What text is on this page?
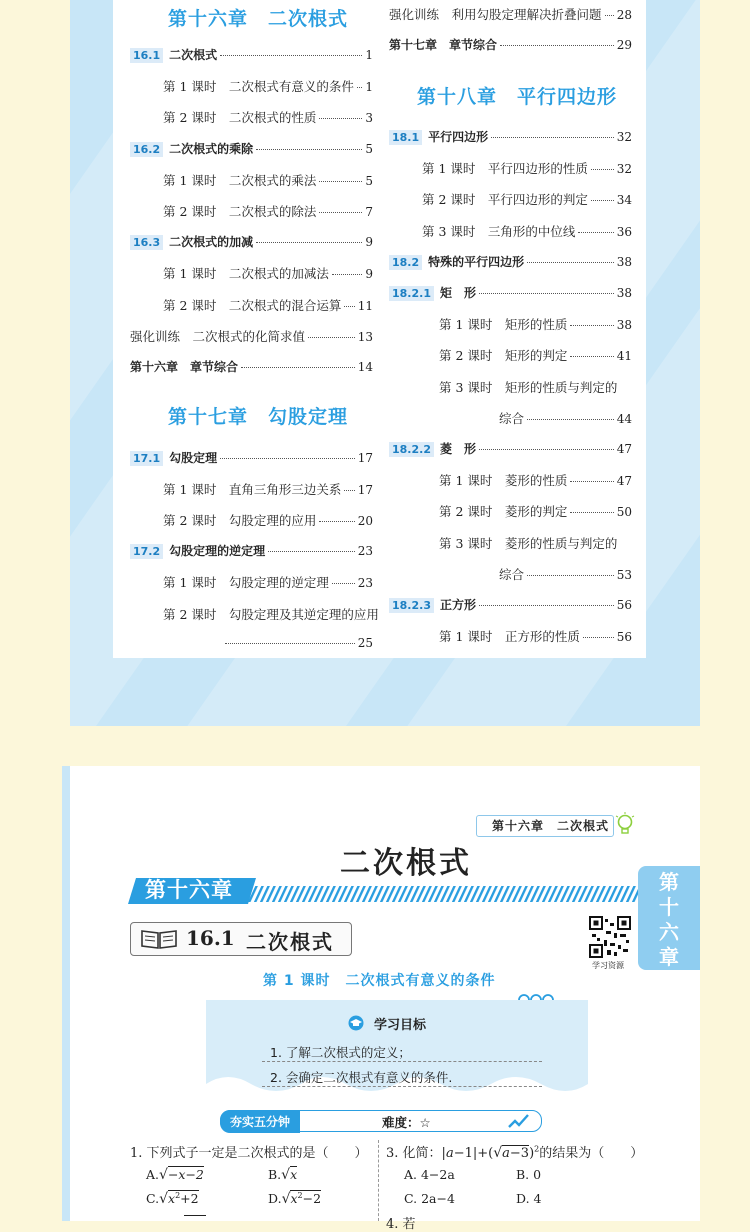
第十六章　二次根式
第十七章　勾股定理
第十八章　平行四边形
第十六章　二次根式
二次根式
第十六章	第
十
六
章
16.1 二次根式
学习资源
第 1 课时　二次根式有意义的条件
学习目标
1. 了解二次根式的定义；
2. 会确定二次根式有意义的条件.
夯实五分钟	难度：☆
1. 下列式子一定是二次根式的是（　　）
A.√−x−2	B.√x
$C.√x^2+2$	$D.√x^2-2$
3. 化简：$|a-1|+(√a-3)^2$的结果为（　　）
A. 4−2a	B. 0
C. 2a−4	D. 4
4. 若
16.1 二次根式	1
第 1 课时　二次根式有意义的条件 1
第 2 课时　二次根式的性质	3
16.2 二次根式的乘除	5
第 1 课时　二次根式的乘法	5
第 2 课时　二次根式的除法	7
16.3 二次根式的加减	9
第 1 课时　二次根式的加减法	9
第 2 课时　二次根式的混合运算 11
强化训练　二次根式的化简求值	13
第十六章　章节综合	14
17.1 勾股定理	17
第 1 课时　直角三角形三边关系 17
第 2 课时　勾股定理的应用	20
17.2 勾股定理的逆定理	23
第 1 课时　勾股定理的逆定理 23
第 2 课时　勾股定理及其逆定理的应用
25
强化训练　利用勾股定理解决折叠问题 28
第十七章　章节综合	29
18.1 平行四边形	32
第 1 课时　平行四边形的性质 32
第 2 课时　平行四边形的判定 34
第 3 课时　三角形的中位线	36
18.2 特殊的平行四边形	38
18.2.1 矩　形	38
第 1 课时　矩形的性质	38
第 2 课时　矩形的判定	41
第 3 课时　矩形的性质与判定的
综合	44
18.2.2 菱　形	47
第 1 课时　菱形的性质	47
第 2 课时　菱形的判定	50
第 3 课时　菱形的性质与判定的
综合	53
18.2.3 正方形	56
第 1 课时　正方形的性质	56
